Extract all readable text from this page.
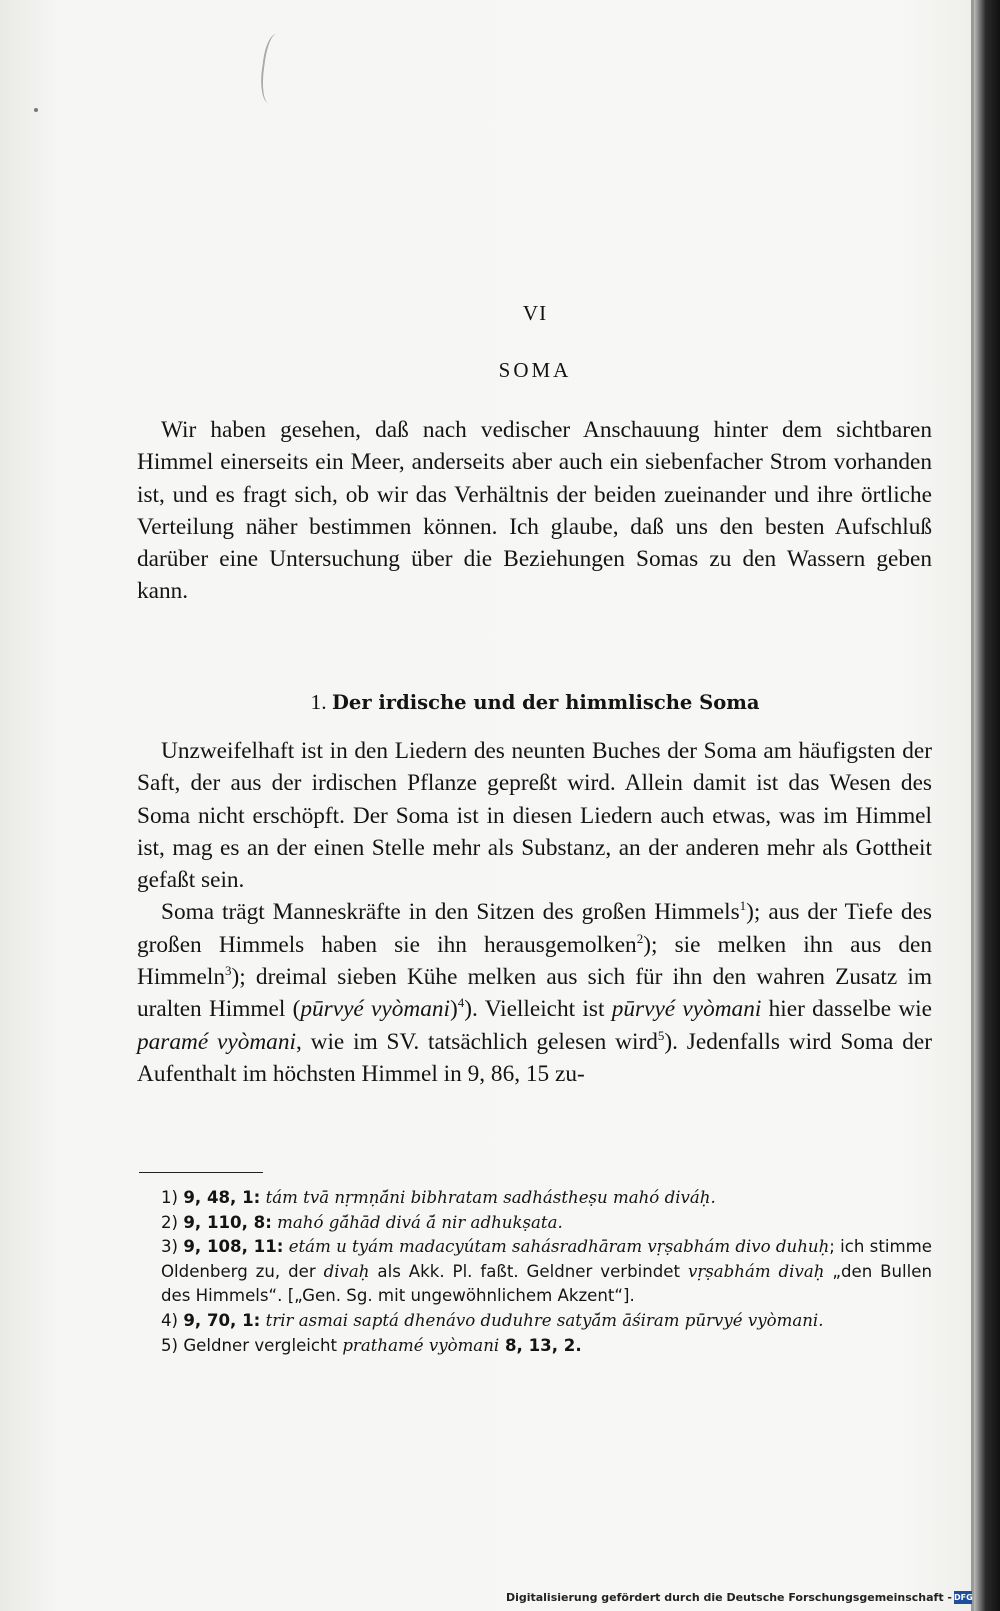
VI
SOMA

Wir haben gesehen, daß nach vedischer Anschauung hinter dem sichtbaren Himmel einerseits ein Meer, anderseits aber auch ein siebenfacher Strom vorhanden ist, und es fragt sich, ob wir das Verhältnis der beiden zueinander und ihre örtliche Verteilung näher bestimmen können. Ich glaube, daß uns den besten Aufschluß darüber eine Untersuchung über die Beziehungen Somas zu den Wassern geben kann.

1. Der irdische und der himmlische Soma

Unzweifelhaft ist in den Liedern des neunten Buches der Soma am häufigsten der Saft, der aus der irdischen Pflanze gepreßt wird. Allein damit ist das Wesen des Soma nicht erschöpft. Der Soma ist in diesen Liedern auch etwas, was im Himmel ist, mag es an der einen Stelle mehr als Substanz, an der anderen mehr als Gottheit gefaßt sein.

Soma trägt Manneskräfte in den Sitzen des großen Himmels$^1$); aus der Tiefe des großen Himmels haben sie ihn herausgemolken$^2$); sie melken ihn aus den Himmeln$^3$); dreimal sieben Kühe melken aus sich für ihn den wahren Zusatz im uralten Himmel (pūrvyé vyòmani)$^4$). Vielleicht ist pūrvyé vyòmani hier dasselbe wie paramé vyòmani, wie im SV. tatsächlich gelesen wird$^5$). Jedenfalls wird Soma der Aufenthalt im höchsten Himmel in 9, 86, 15 zu-

1) 9, 48, 1: tám tvā nṛmṇā́ni bibhratam sadhástheṣu mahó diváḥ.

2) 9, 110, 8: mahó gā́hād divá ā́ nir adhukṣata.

3) 9, 108, 11: etám u tyám madacyútam sahásradhāram vṛṣabhám divo duhuḥ; ich stimme Oldenberg zu, der divaḥ als Akk. Pl. faßt. Geldner verbindet vṛṣabhám divaḥ „den Bullen des Himmels“. [„Gen. Sg. mit ungewöhnlichem Akzent“].

4) 9, 70, 1: trir asmai saptá dhenávo duduhre satyā́m āśiram pūrvyé vyòmani.

5) Geldner vergleicht prathamé vyòmani 8, 13, 2.

Digitalisierung gefördert durch die Deutsche Forschungsgemeinschaft - DFG
